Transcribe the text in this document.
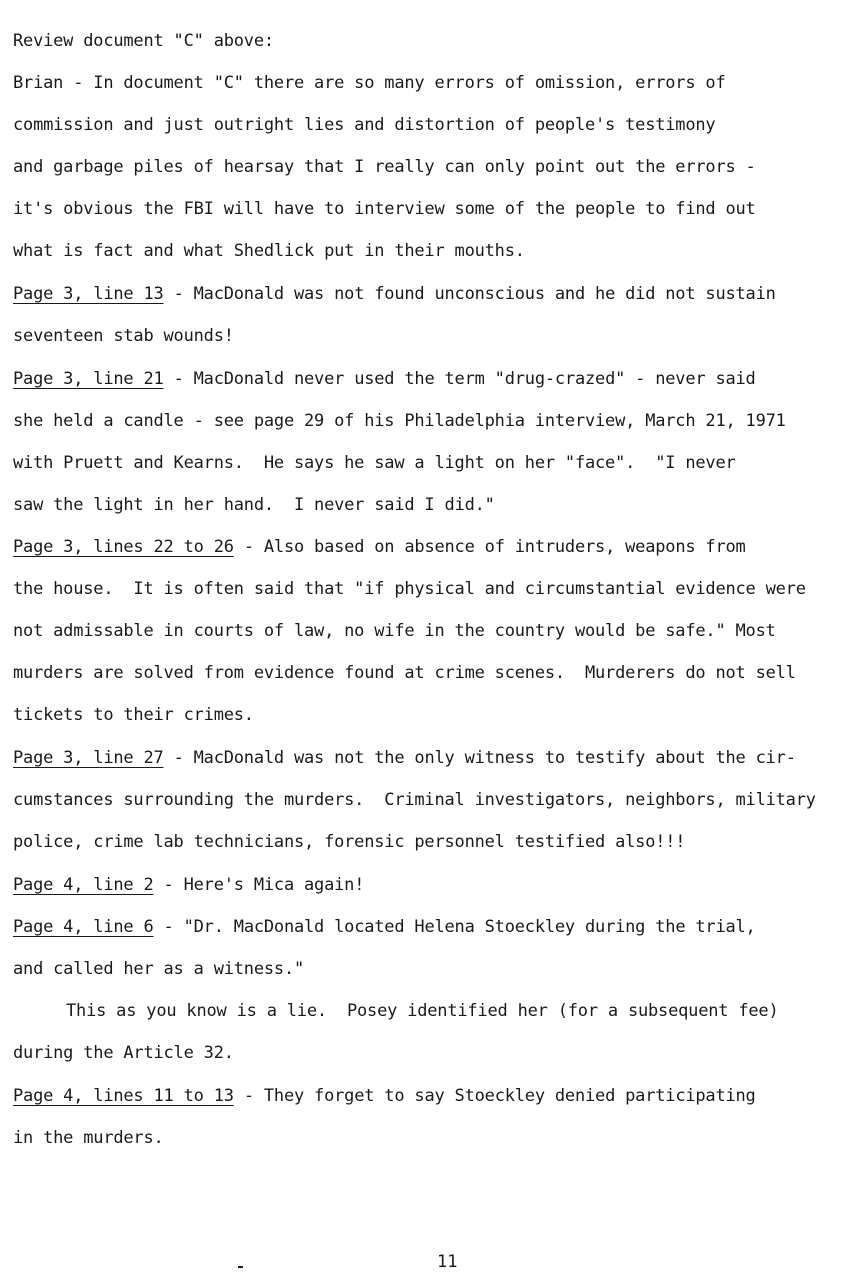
Review document "C" above:
Brian - In document "C" there are so many errors of omission, errors of
commission and just outright lies and distortion of people's testimony
and garbage piles of hearsay that I really can only point out the errors -
it's obvious the FBI will have to interview some of the people to find out
what is fact and what Shedlick put in their mouths.
Page 3, line 13 - MacDonald was not found unconscious and he did not sustain
seventeen stab wounds!
Page 3, line 21 - MacDonald never used the term "drug-crazed" - never said
she held a candle - see page 29 of his Philadelphia interview, March 21, 1971
with Pruett and Kearns.  He says he saw a light on her "face".  "I never
saw the light in her hand.  I never said I did."
Page 3, lines 22 to 26 - Also based on absence of intruders, weapons from
the house.  It is often said that "if physical and circumstantial evidence were
not admissable in courts of law, no wife in the country would be safe." Most
murders are solved from evidence found at crime scenes.  Murderers do not sell
tickets to their crimes.
Page 3, line 27 - MacDonald was not the only witness to testify about the cir-
cumstances surrounding the murders.  Criminal investigators, neighbors, military
police, crime lab technicians, forensic personnel testified also!!!
Page 4, line 2 - Here's Mica again!
Page 4, line 6 - "Dr. MacDonald located Helena Stoeckley during the trial,
and called her as a witness."
This as you know is a lie.  Posey identified her (for a subsequent fee)
during the Article 32.
Page 4, lines 11 to 13 - They forget to say Stoeckley denied participating
in the murders.
11
